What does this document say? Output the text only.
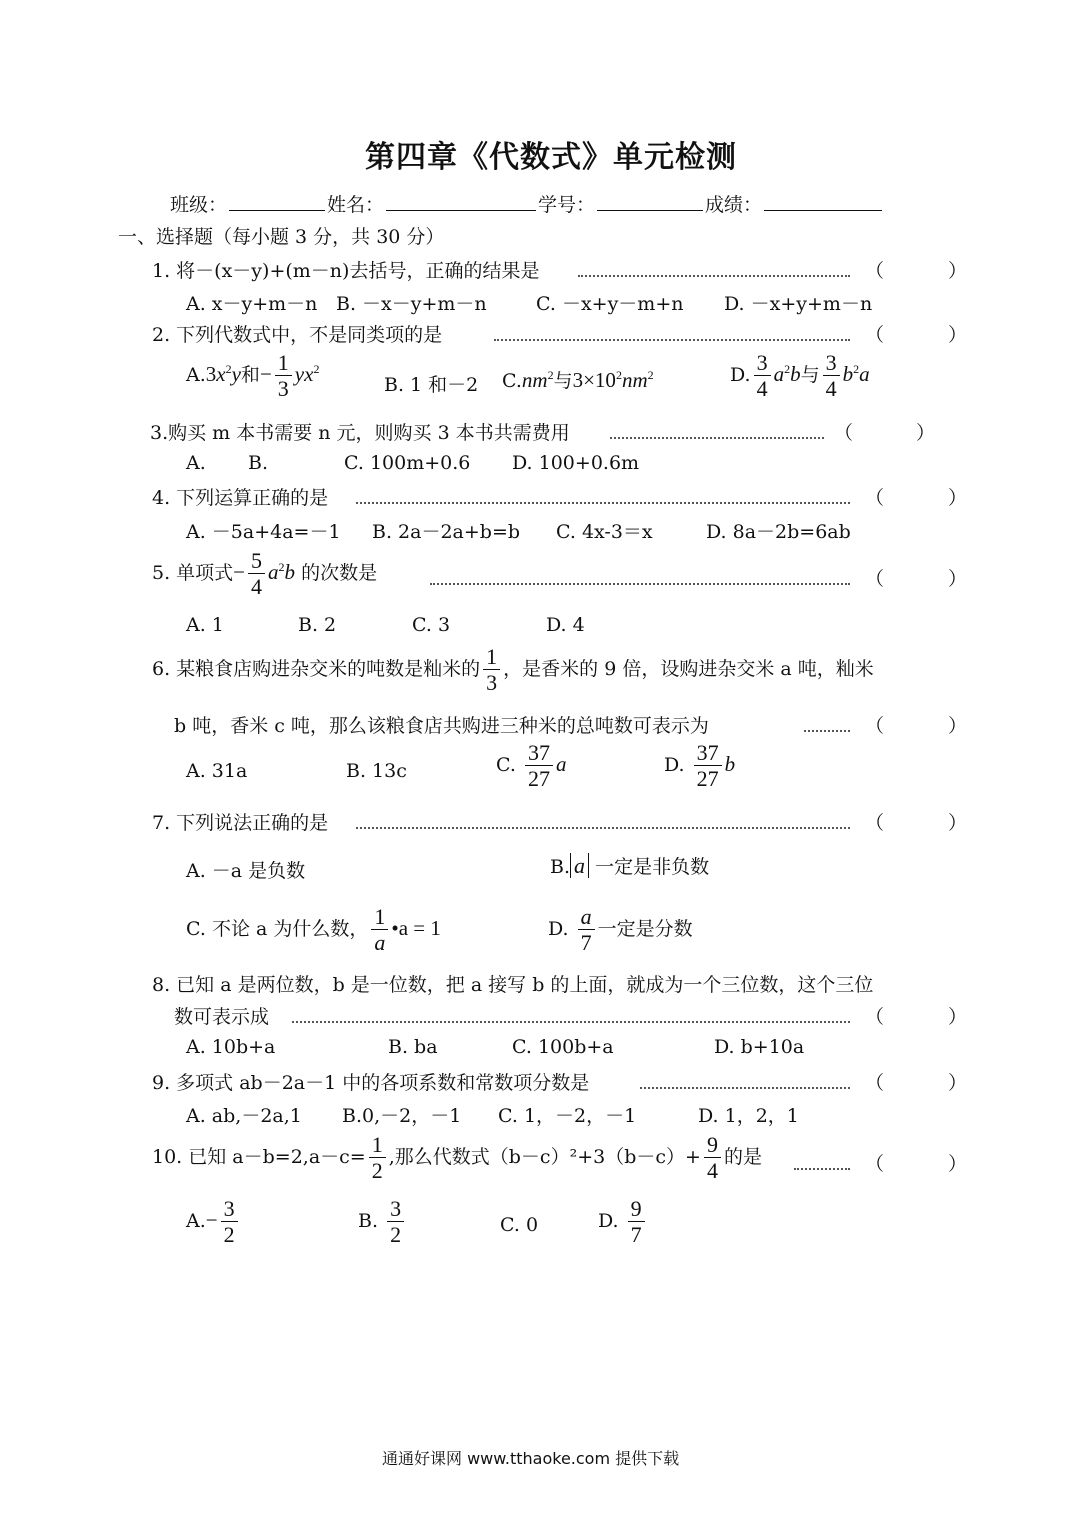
第四章《代数式》单元检测
班级：	姓名：	学号：	成绩：
一、选择题（每小题 3 分，共 30 分）
1. 将－(x－y)+(m－n)去括号，正确的结果是	（	）
A. x－y+m－n B. －x－y+m－n	C. －x+y－m+n D. －x+y+m－n
2. 下列代数式中，不是同类项的是	（	）
$A.3x^2y$和− $\frac{1}{3} yx^2$
B. 1 和－2 $C.nm^2$与$3\times 10^2nm^2$	D. $\frac{3}{4} a^2b$与 $\frac{3}{4} b^2a$
3.购买 m 本书需要 n 元，则购买 3 本书共需费用	（	）
A. B.	C. 100m+0.6 D. 100+0.6m
4. 下列运算正确的是	（	）
A. －5a+4a=－1 B. 2a－2a+b=b C. 4x-3＝x	D. 8a－2b=6ab
5. 单项式− $\frac{5}{4} a^2b$ 的次数是	（	）
A. 1	B. 2	C. 3	D. 4
6. 某粮食店购进杂交米的吨数是籼米的 $\frac{1}{3}$ ，是香米的 9 倍，设购进杂交米 a 吨，籼米
b 吨，香米 c 吨，那么该粮食店共购进三种米的总吨数可表示为	（	）
A. 31a	B. 13c	C. $\frac{37}{27}$ a	D. $\frac{37}{27}$ b
7. 下列说法正确的是	（	）
A. －a 是负数	B. a 一定是非负数
C. 不论 a 为什么数， $\frac{1}{a}$ •a = 1	D. $\frac{a}{7}$ 一定是分数
8. 已知 a 是两位数，b 是一位数，把 a 接写 b 的上面，就成为一个三位数，这个三位
数可表示成	（	）
A. 10b+a	B. ba	C. 100b+a	D. b+10a
9. 多项式 ab－2a－1 中的各项系数和常数项分数是	（	）
A. ab,－2a,1 B.0,－2，－1 C. 1，－2，－1	D. 1，2，1
10. 已知 $a-b=2,a-c= \frac{1}{2}$ ,那么代数式$(b-c)^2+3(b-c)+ \frac{9}{4}$ 的是	（	）
$A.- \frac{3}{2}$	B. $\frac{3}{2}$	C. 0	D. $\frac{9}{7}$
通通好课网 www.tthaoke.com 提供下载
